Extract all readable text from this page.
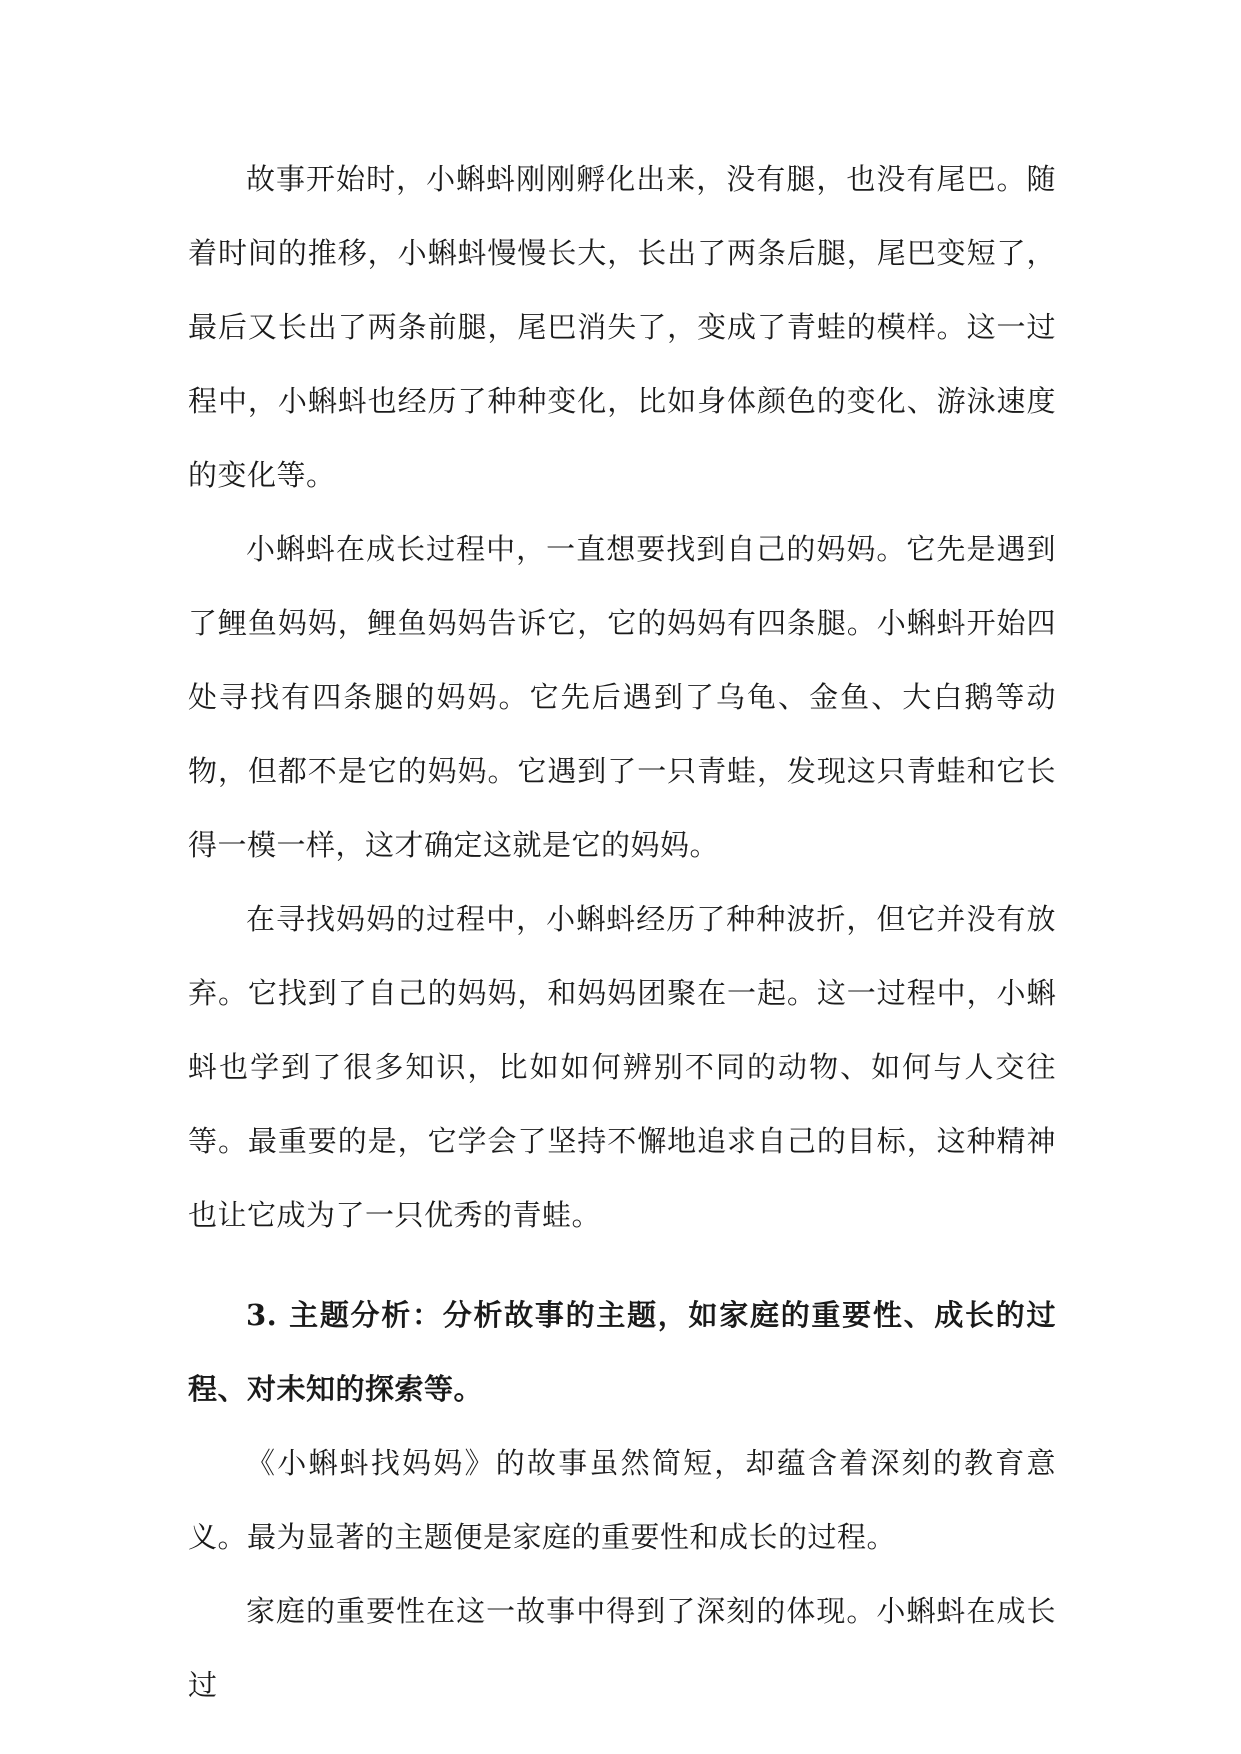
故事开始时，小蝌蚪刚刚孵化出来，没有腿，也没有尾巴。随着时间的推移，小蝌蚪慢慢长大，长出了两条后腿，尾巴变短了，最后又长出了两条前腿，尾巴消失了，变成了青蛙的模样。这一过程中，小蝌蚪也经历了种种变化，比如身体颜色的变化、游泳速度的变化等。

小蝌蚪在成长过程中，一直想要找到自己的妈妈。它先是遇到了鲤鱼妈妈，鲤鱼妈妈告诉它，它的妈妈有四条腿。小蝌蚪开始四处寻找有四条腿的妈妈。它先后遇到了乌龟、金鱼、大白鹅等动物，但都不是它的妈妈。它遇到了一只青蛙，发现这只青蛙和它长得一模一样，这才确定这就是它的妈妈。

在寻找妈妈的过程中，小蝌蚪经历了种种波折，但它并没有放弃。它找到了自己的妈妈，和妈妈团聚在一起。这一过程中，小蝌蚪也学到了很多知识，比如如何辨别不同的动物、如何与人交往等。最重要的是，它学会了坚持不懈地追求自己的目标，这种精神也让它成为了一只优秀的青蛙。

3. 主题分析：分析故事的主题，如家庭的重要性、成长的过程、对未知的探索等。

《小蝌蚪找妈妈》的故事虽然简短，却蕴含着深刻的教育意义。最为显著的主题便是家庭的重要性和成长的过程。

家庭的重要性在这一故事中得到了深刻的体现。小蝌蚪在成长过
